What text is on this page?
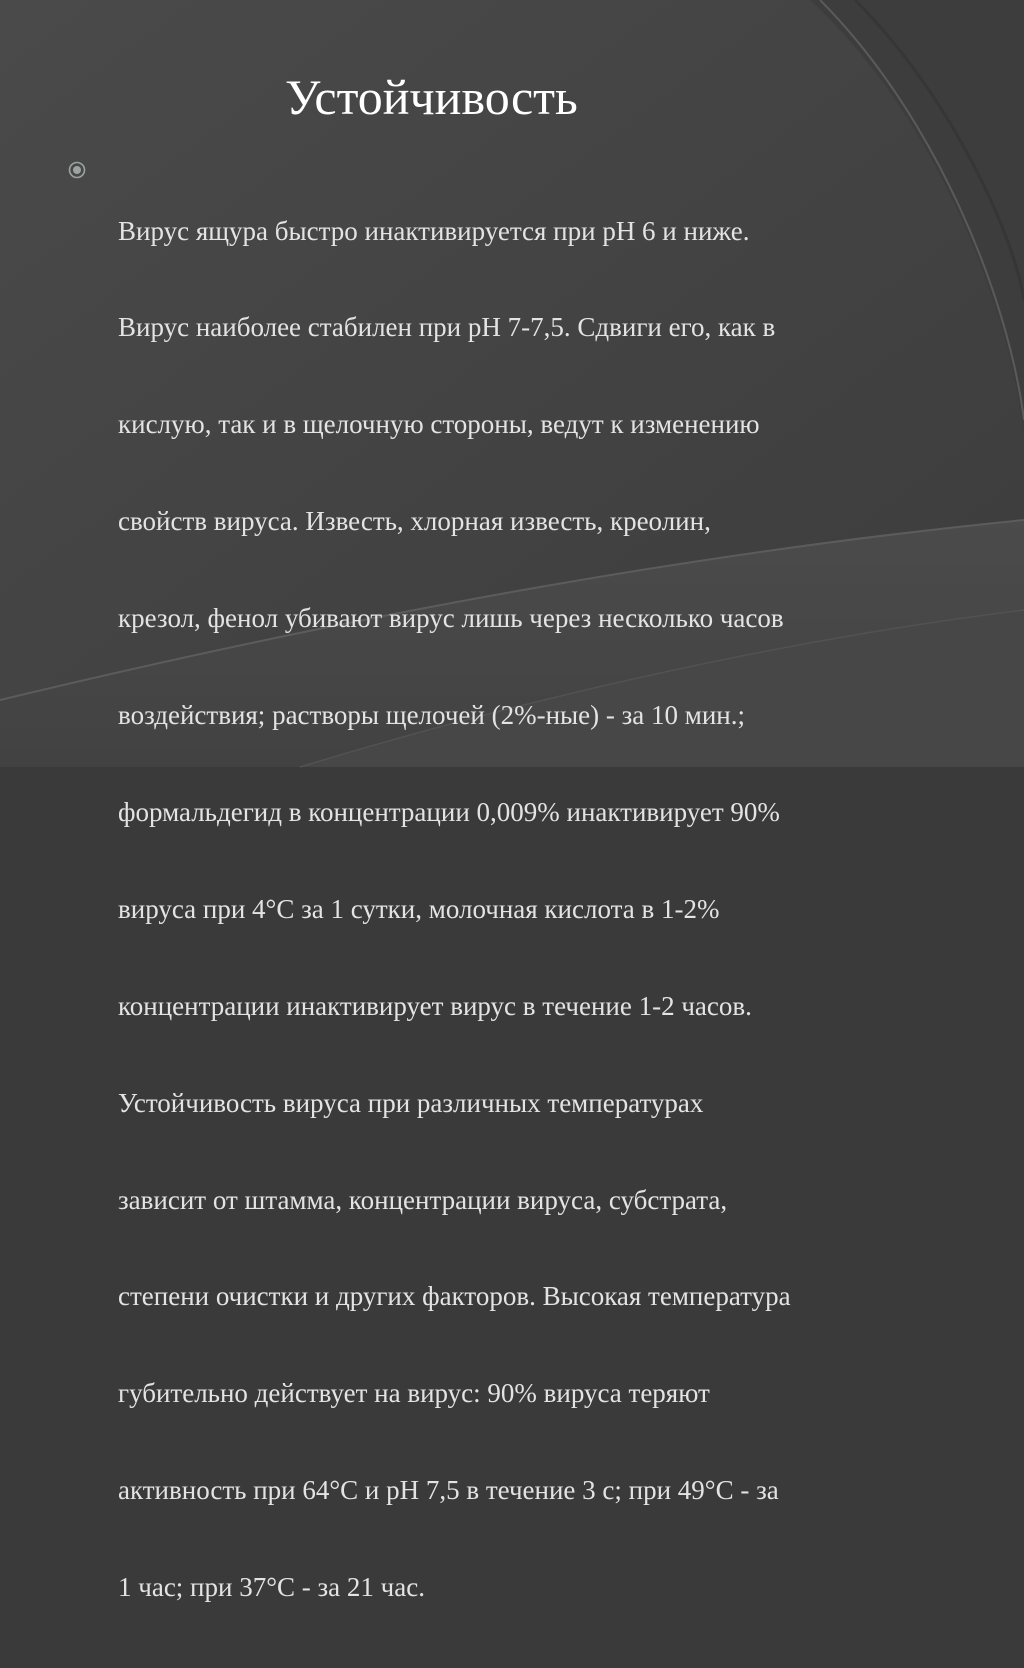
Устойчивость

Вирус ящура быстро инактивируется при рН 6 и ниже.

Вирус наиболее стабилен при рН 7-7,5. Сдвиги его, как в

кислую, так и в щелочную стороны, ведут к изменению

свойств вируса. Известь, хлорная известь, креолин,

крезол, фенол убивают вирус лишь через несколько часов

воздействия; растворы щелочей (2%-ные) - за 10 мин.;

формальдегид в концентрации 0,009% инактивирует 90%

вируса при 4°С за 1 сутки, молочная кислота в 1-2%

концентрации инактивирует вирус в течение 1-2 часов.

Устойчивость вируса при различных температурах

зависит от штамма, концентрации вируса, субстрата,

степени очистки и других факторов. Высокая температура

губительно действует на вирус: 90% вируса теряют

активность при 64°С и рН 7,5 в течение 3 с; при 49°С - за

1 час; при 37°С - за 21 час.
